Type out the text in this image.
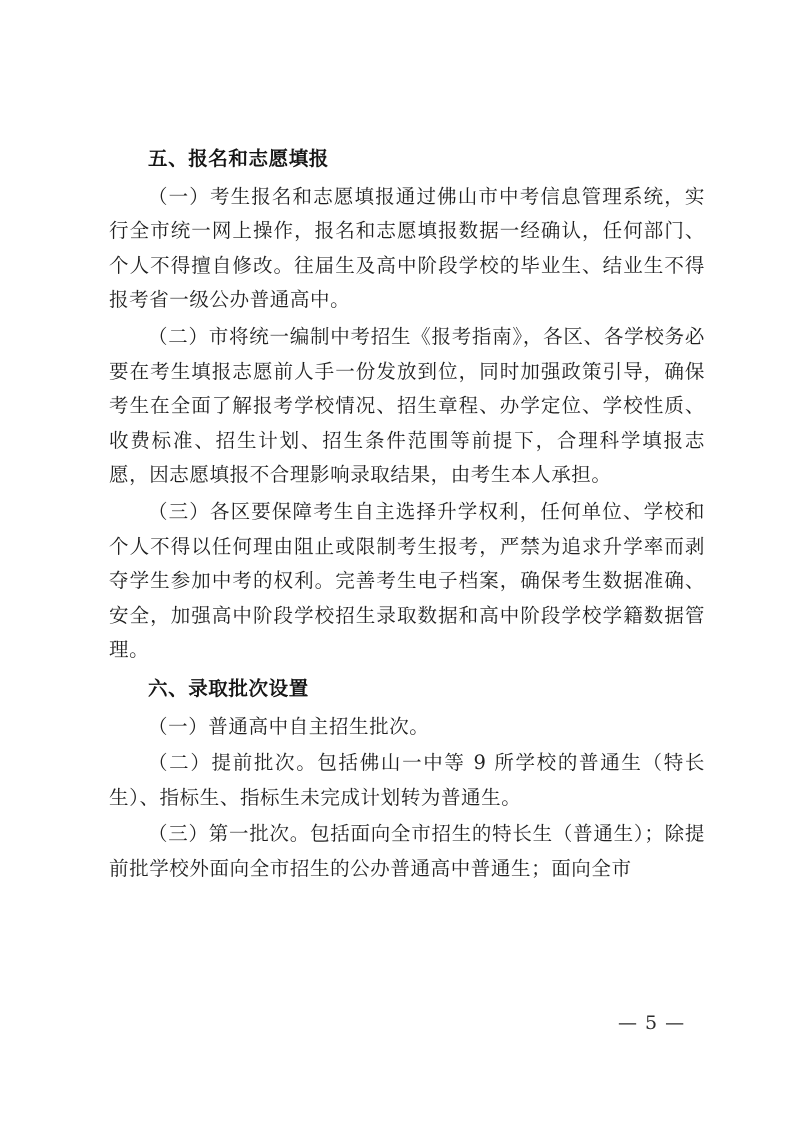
五、报名和志愿填报

（一）考生报名和志愿填报通过佛山市中考信息管理系统，实行全市统一网上操作，报名和志愿填报数据一经确认，任何部门、个人不得擅自修改。往届生及高中阶段学校的毕业生、结业生不得报考省一级公办普通高中。

（二）市将统一编制中考招生《报考指南》，各区、各学校务必要在考生填报志愿前人手一份发放到位，同时加强政策引导，确保考生在全面了解报考学校情况、招生章程、办学定位、学校性质、收费标准、招生计划、招生条件范围等前提下，合理科学填报志愿，因志愿填报不合理影响录取结果，由考生本人承担。

（三）各区要保障考生自主选择升学权利，任何单位、学校和个人不得以任何理由阻止或限制考生报考，严禁为追求升学率而剥夺学生参加中考的权利。完善考生电子档案，确保考生数据准确、安全，加强高中阶段学校招生录取数据和高中阶段学校学籍数据管理。

六、录取批次设置

（一）普通高中自主招生批次。

（二）提前批次。包括佛山一中等 9 所学校的普通生（特长生）、指标生、指标生未完成计划转为普通生。

（三）第一批次。包括面向全市招生的特长生（普通生）；除提前批学校外面向全市招生的公办普通高中普通生；面向全市

— 5 —
